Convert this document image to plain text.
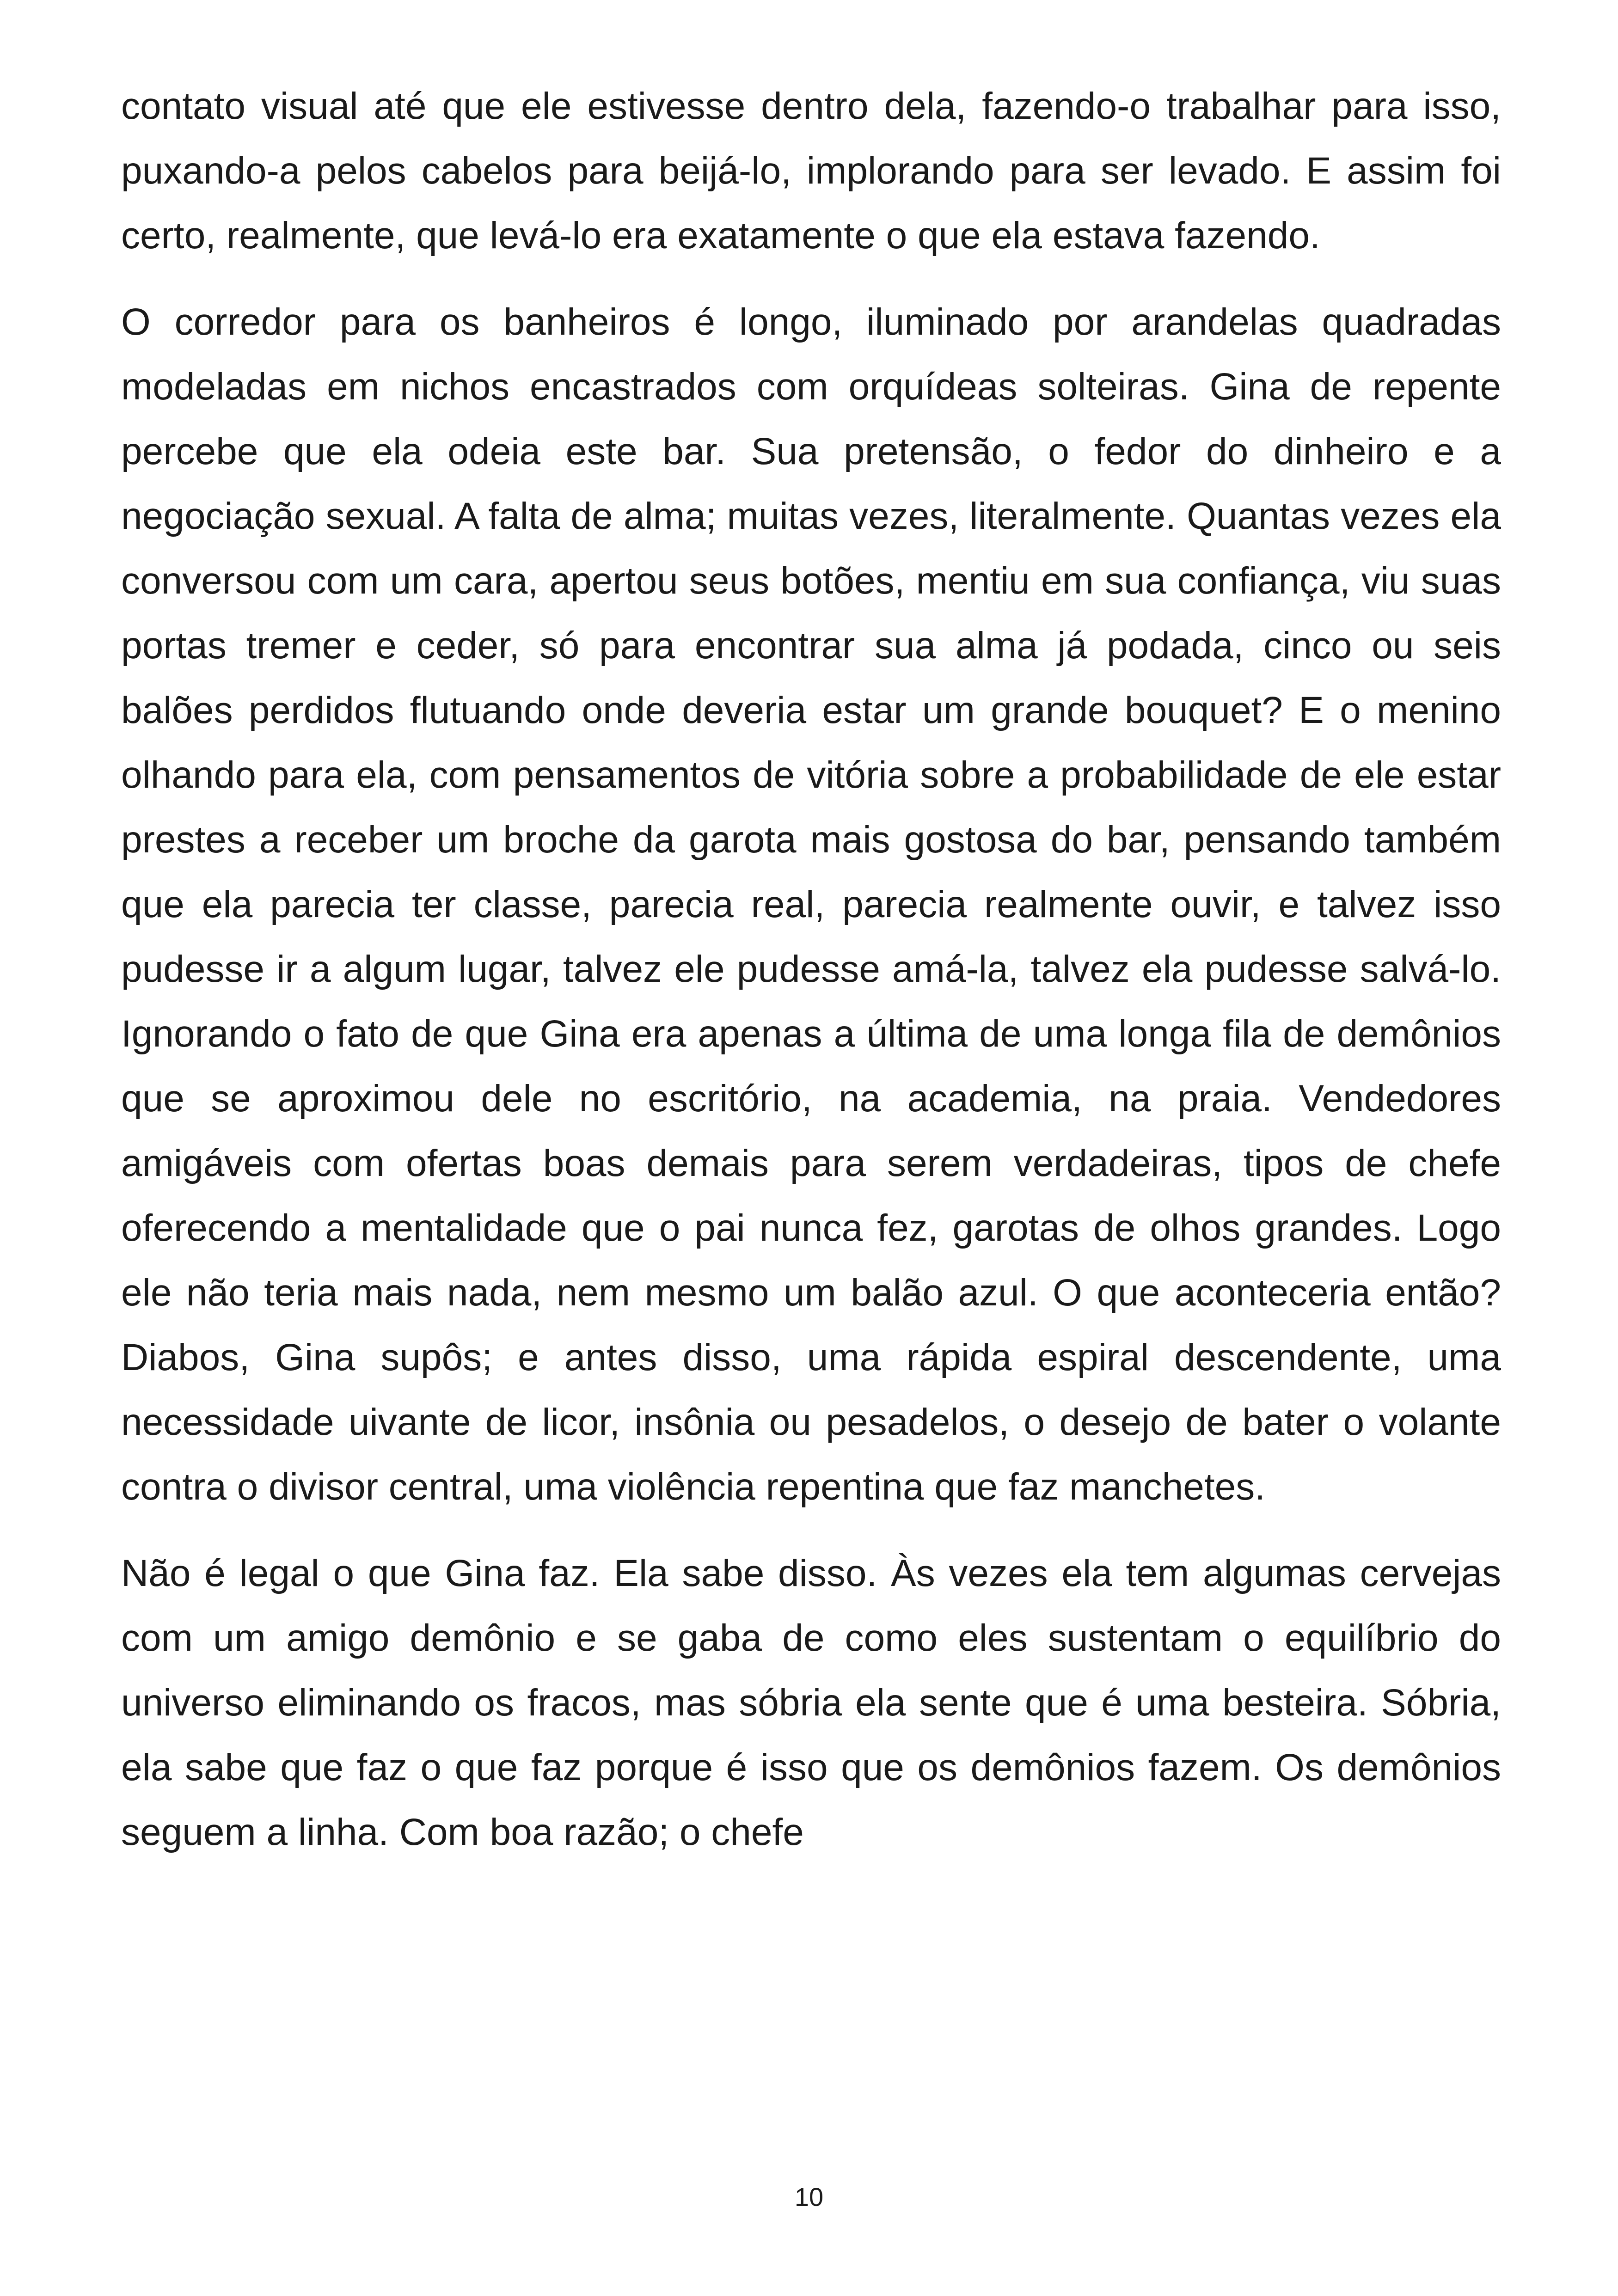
contato visual até que ele estivesse dentro dela, fazendo-o trabalhar para isso, puxando-a pelos cabelos para beijá-lo, implorando para ser levado. E assim foi certo, realmente, que levá-lo era exatamente o que ela estava fazendo.

O corredor para os banheiros é longo, iluminado por arandelas quadradas modeladas em nichos encastrados com orquídeas solteiras. Gina de repente percebe que ela odeia este bar. Sua pretensão, o fedor do dinheiro e a negociação sexual. A falta de alma; muitas vezes, literalmente. Quantas vezes ela conversou com um cara, apertou seus botões, mentiu em sua confiança, viu suas portas tremer e ceder, só para encontrar sua alma já podada, cinco ou seis balões perdidos flutuando onde deveria estar um grande bouquet? E o menino olhando para ela, com pensamentos de vitória sobre a probabilidade de ele estar prestes a receber um broche da garota mais gostosa do bar, pensando também que ela parecia ter classe, parecia real, parecia realmente ouvir, e talvez isso pudesse ir a algum lugar, talvez ele pudesse amá-la, talvez ela pudesse salvá-lo. Ignorando o fato de que Gina era apenas a última de uma longa fila de demônios que se aproximou dele no escritório, na academia, na praia. Vendedores amigáveis com ofertas boas demais para serem verdadeiras, tipos de chefe oferecendo a mentalidade que o pai nunca fez, garotas de olhos grandes. Logo ele não teria mais nada, nem mesmo um balão azul. O que aconteceria então? Diabos, Gina supôs; e antes disso, uma rápida espiral descendente, uma necessidade uivante de licor, insônia ou pesadelos, o desejo de bater o volante contra o divisor central, uma violência repentina que faz manchetes.

Não é legal o que Gina faz. Ela sabe disso. Às vezes ela tem algumas cervejas com um amigo demônio e se gaba de como eles sustentam o equilíbrio do universo eliminando os fracos, mas sóbria ela sente que é uma besteira. Sóbria, ela sabe que faz o que faz porque é isso que os demônios fazem. Os demônios seguem a linha. Com boa razão; o chefe

10
